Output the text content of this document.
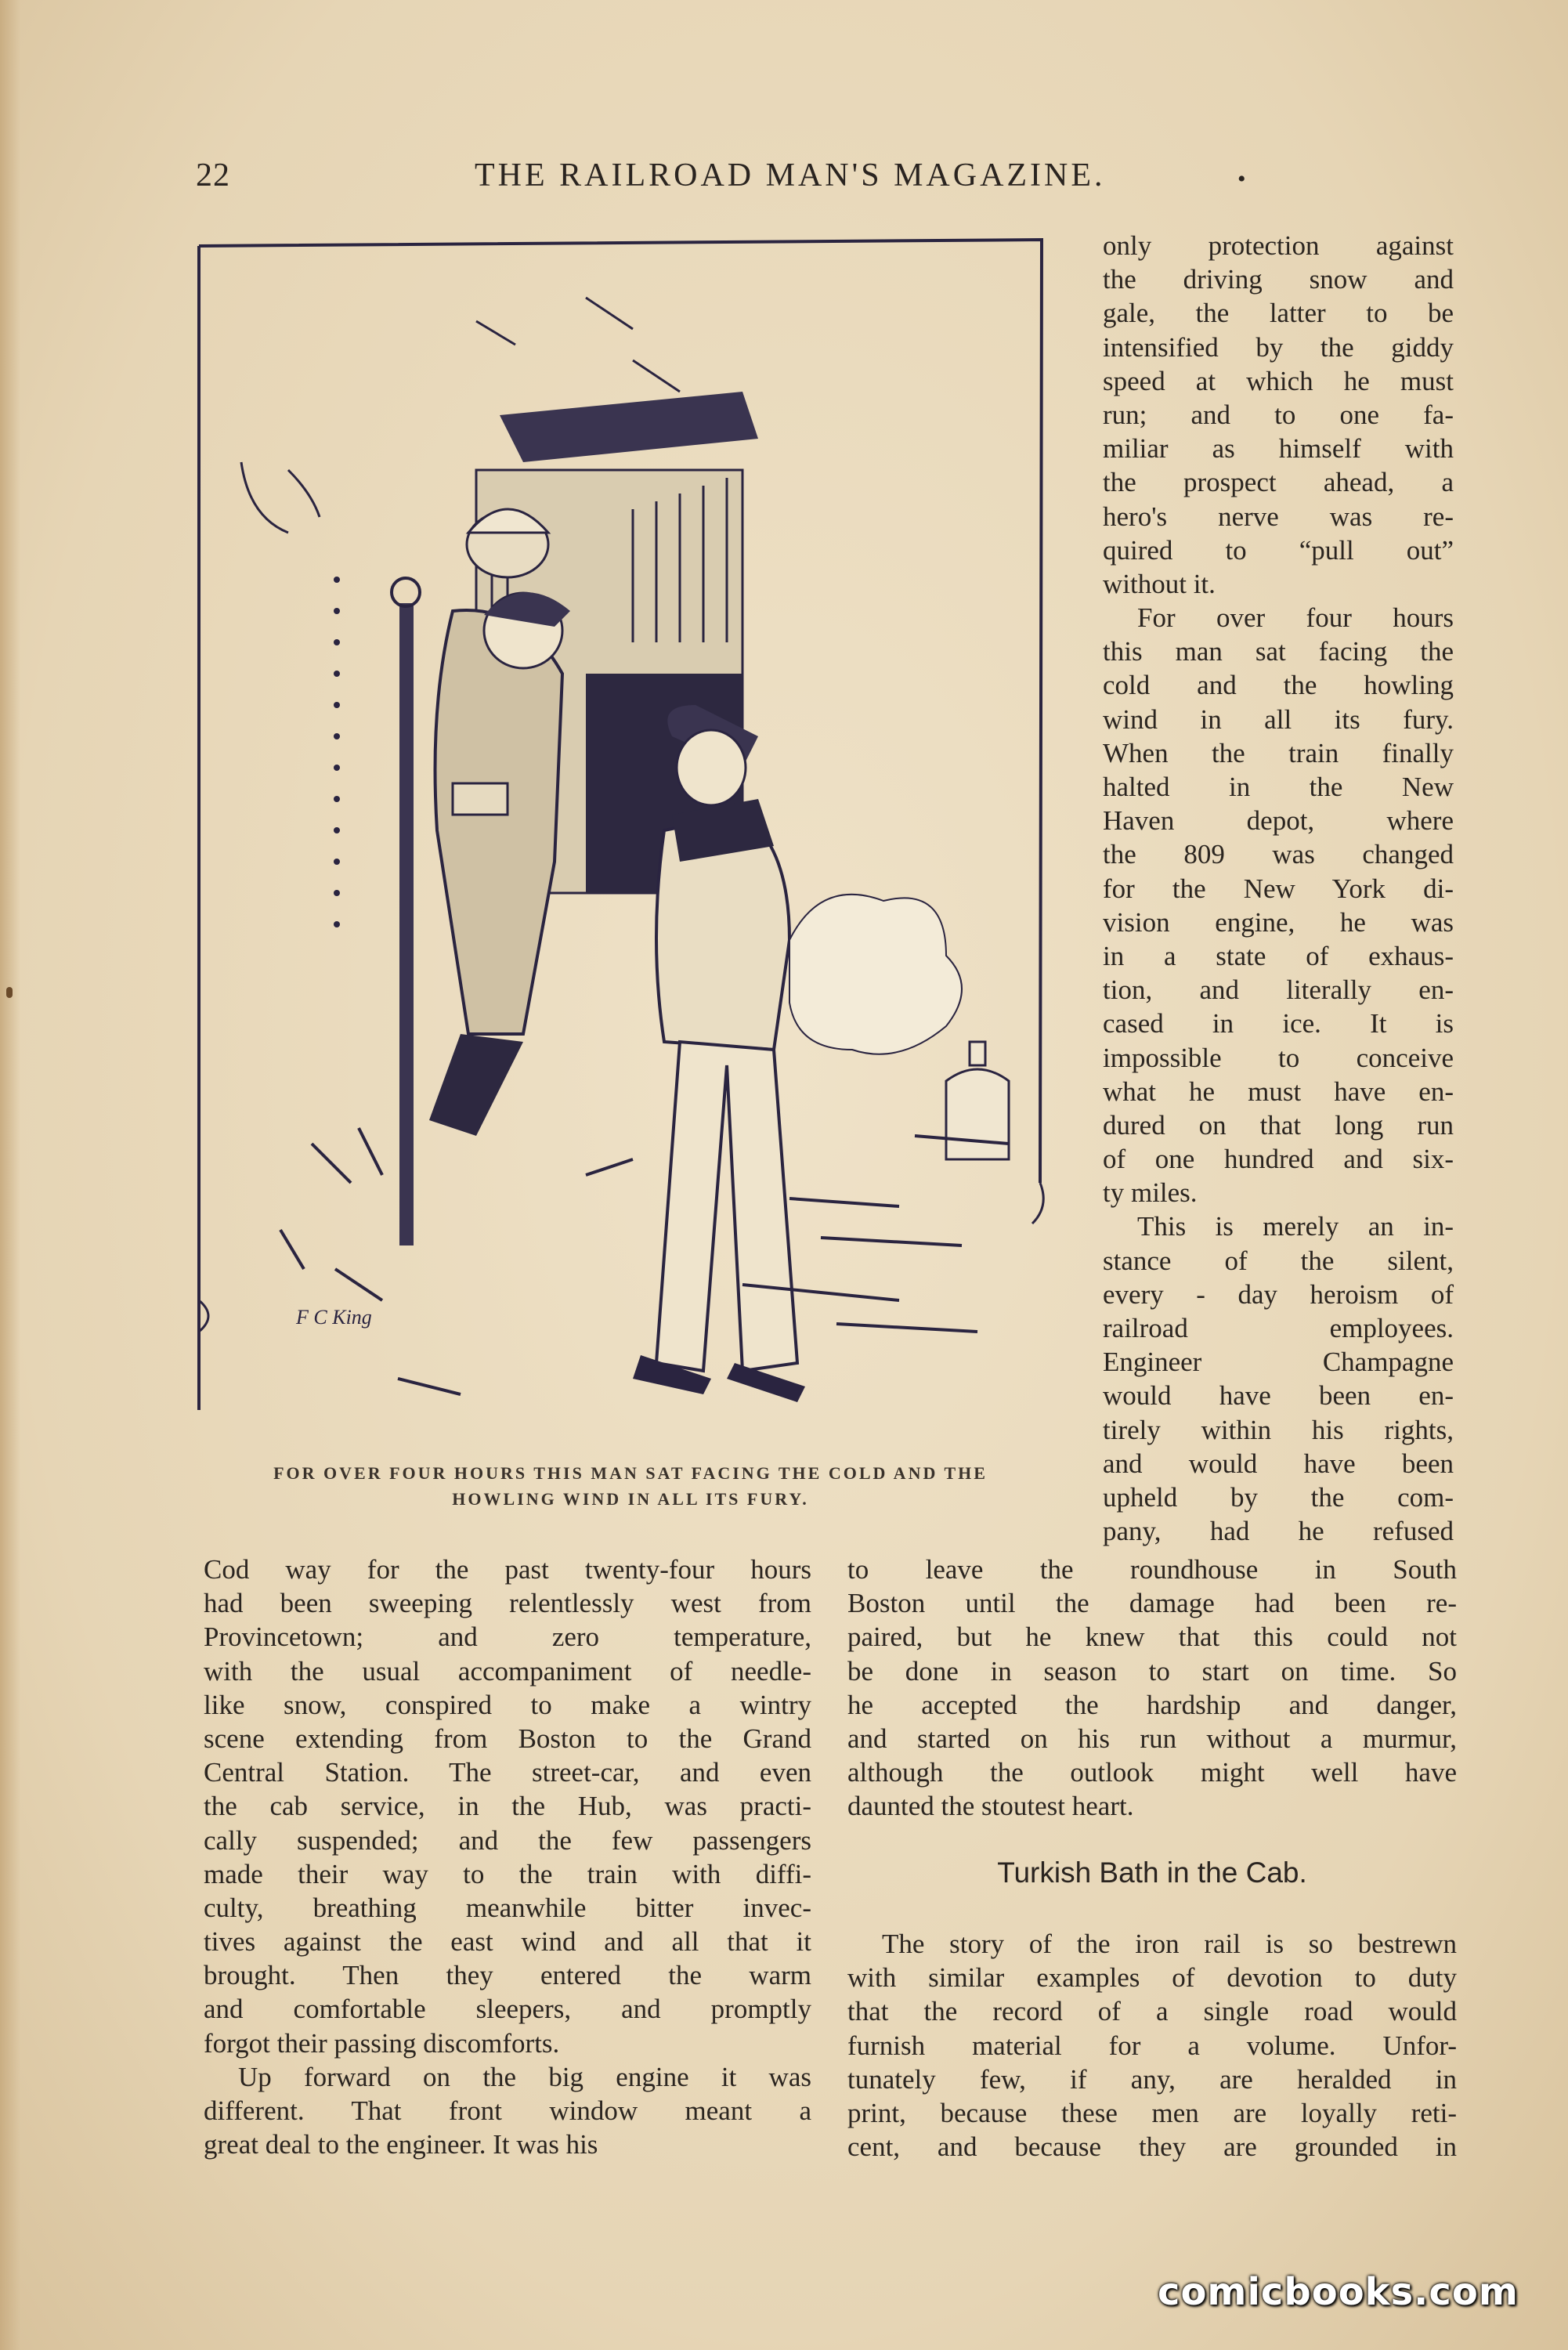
22	THE RAILROAD MAN'S MAGAZINE.	•
F C King
FOR OVER FOUR HOURS THIS MAN SAT FACING THE COLD AND THE
HOWLING WIND IN ALL ITS FURY.
only protection against
the driving snow and
gale, the latter to be
intensified by the giddy
speed at which he must
run; and to one fa-
miliar as himself with
the prospect ahead, a
hero's nerve was re-
quired to “pull out”
without it.
For over four hours
this man sat facing the
cold and the howling
wind in all its fury.
When the train finally
halted in the New
Haven depot, where
the 809 was changed
for the New York di-
vision engine, he was
in a state of exhaus-
tion, and literally en-
cased in ice. It is
impossible to conceive
what he must have en-
dured on that long run
of one hundred and six-
ty miles.
This is merely an in-
stance of the silent,
every - day heroism of
railroad employees.
Engineer Champagne
would have been en-
tirely within his rights,
and would have been
upheld by the com-
pany, had he refused
Cod way for the past twenty-four hours
had been sweeping relentlessly west from
Provincetown; and zero temperature,
with the usual accompaniment of needle-
like snow, conspired to make a wintry
scene extending from Boston to the Grand
Central Station. The street-car, and even
the cab service, in the Hub, was practi-
cally suspended; and the few passengers
made their way to the train with diffi-
culty, breathing meanwhile bitter invec-
tives against the east wind and all that it
brought. Then they entered the warm
and comfortable sleepers, and promptly
forgot their passing discomforts.
Up forward on the big engine it was
different. That front window meant a
great deal to the engineer. It was his
to leave the roundhouse in South
Boston until the damage had been re-
paired, but he knew that this could not
be done in season to start on time. So
he accepted the hardship and danger,
and started on his run without a murmur,
although the outlook might well have
daunted the stoutest heart.
Turkish Bath in the Cab.
The story of the iron rail is so bestrewn
with similar examples of devotion to duty
that the record of a single road would
furnish material for a volume. Unfor-
tunately few, if any, are heralded in
print, because these men are loyally reti-
cent, and because they are grounded in
comicbooks.com
